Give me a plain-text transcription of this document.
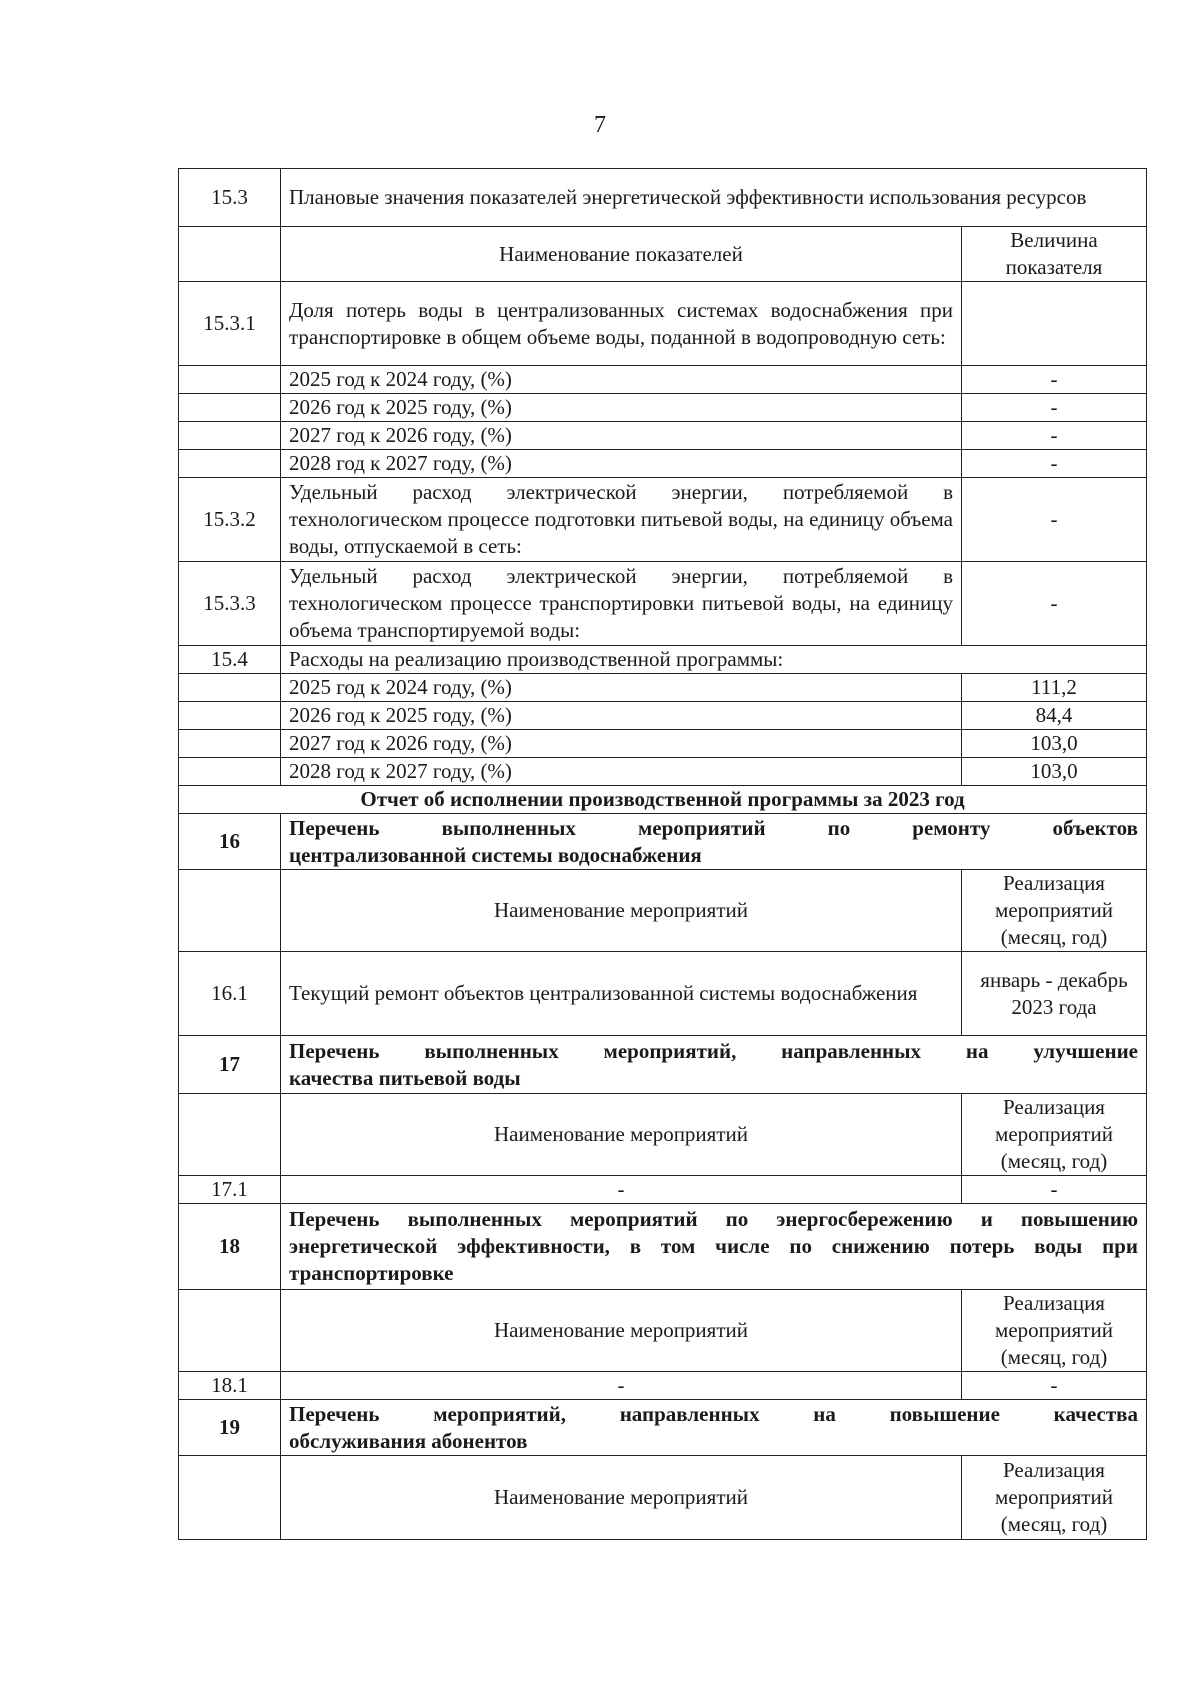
7
15.3	Плановые значения показателей энергетической эффективности использования ресурсов	
	Наименование показателей	Величина показателя
15.3.1	Доля потерь воды в централизованных системах водоснабжения при транспортировке в общем объеме воды, поданной в водопроводную сеть:	
	2025 год к 2024 году, (%)	-
	2026 год к 2025 году, (%)	-
	2027 год к 2026 году, (%)	-
	2028 год к 2027 году, (%)	-
15.3.2	Удельный расход электрической энергии, потребляемой в технологическом процессе подготовки питьевой воды, на единицу объема воды, отпускаемой в сеть:	-
15.3.3	Удельный расход электрической энергии, потребляемой в технологическом процессе транспортировки питьевой воды, на единицу объема транспортируемой воды:	-
15.4	Расходы на реализацию производственной программы:	
	2025 год к 2024 году, (%)	111,2
	2026 год к 2025 году, (%)	84,4
	2027 год к 2026 году, (%)	103,0
	2028 год к 2027 году, (%)	103,0
Отчет об исполнении производственной программы за 2023 год		
16	Перечень выполненных мероприятий по ремонту объектов
централизованной системы водоснабжения	

	Наименование мероприятий	Реализация мероприятий (месяц, год)
16.1	Текущий ремонт объектов централизованной системы водоснабжения	январь - декабрь 2023 года
17	Перечень выполненных мероприятий, направленных на улучшение
качества питьевой воды	

	Наименование мероприятий	Реализация мероприятий (месяц, год)
17.1	-	-
18	Перечень выполненных мероприятий по энергосбережению и повышению энергетической эффективности, в том числе по снижению потерь воды при транспортировке	
	Наименование мероприятий	Реализация мероприятий (месяц, год)
18.1	-	-
19	Перечень мероприятий, направленных на повышение качества
обслуживания абонентов	

	Наименование мероприятий	Реализация мероприятий (месяц, год)
